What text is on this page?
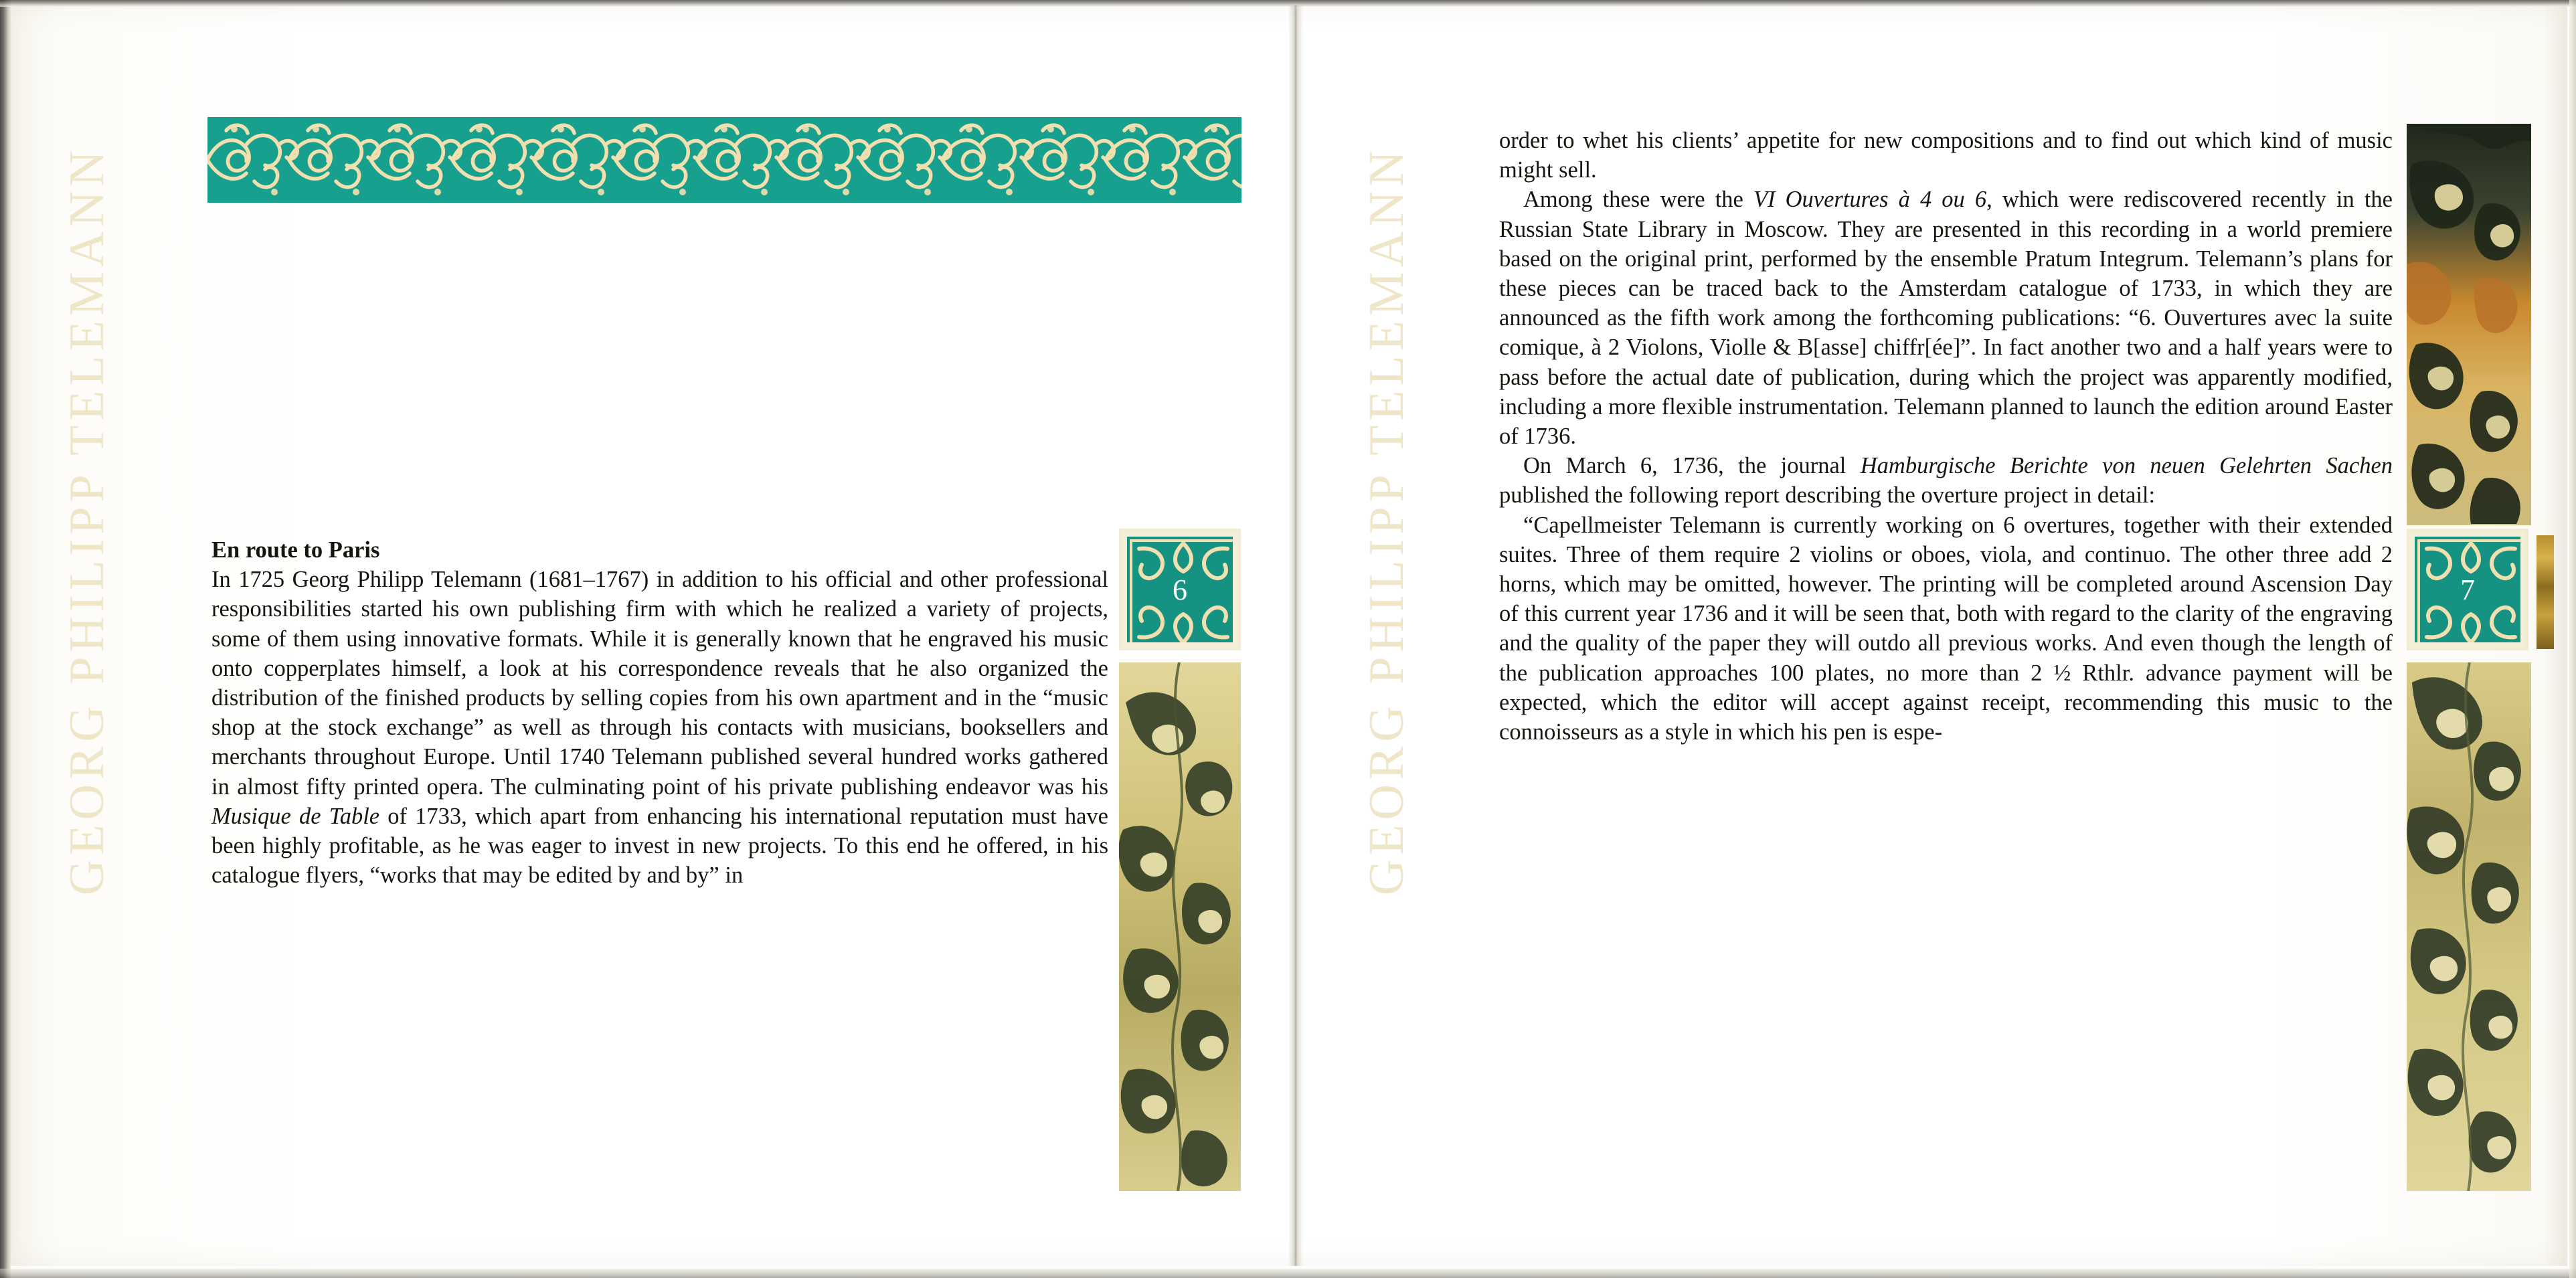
GEORG PHILIPP TELEMANN	GEORG PHILIPP TELEMANN

En route to Paris

In 1725 Georg Philipp Telemann (1681–1767) in addition to his official and other professional responsibilities started his own publishing firm with which he realized a variety of projects, some of them using innovative formats. While it is generally known that he engraved his music onto copperplates himself, a look at his correspondence reveals that he also organized the distribution of the finished products by selling copies from his own apartment and in the “music shop at the stock exchange” as well as through his contacts with musicians, booksellers and merchants throughout Europe. Until 1740 Telemann published several hundred works gathered in almost fifty printed opera. The culminating point of his private publishing endeavor was his Musique de Table of 1733, which apart from enhancing his international reputation must have been highly profitable, as he was eager to invest in new projects. To this end he offered, in his catalogue flyers, “works that may be edited by and by” in

order to whet his clients’ appetite for new compositions and to find out which kind of music might sell.

Among these were the VI Ouvertures à 4 ou 6, which were rediscovered recently in the Russian State Library in Moscow. They are presented in this recording in a world premiere based on the original print, performed by the ensemble Pratum Integrum. Telemann’s plans for these pieces can be traced back to the Amsterdam catalogue of 1733, in which they are announced as the fifth work among the forthcoming publications: “6. Ouvertures avec la suite comique, à 2 Violons, Violle & B[asse] chiffr[ée]”. In fact another two and a half years were to pass before the actual date of publication, during which the project was apparently modified, including a more flexible instrumentation. Telemann planned to launch the edition around Easter of 1736.

On March 6, 1736, the journal Hamburgische Berichte von neuen Gelehrten Sachen published the following report describing the overture project in detail:

“Capellmeister Telemann is currently working on 6 overtures, together with their extended suites. Three of them require 2 violins or oboes, viola, and continuo. The other three add 2 horns, which may be omitted, however. The printing will be completed around Ascension Day of this current year 1736 and it will be seen that, both with regard to the clarity of the engraving and the quality of the paper they will outdo all previous works. And even though the length of the publication approaches 100 plates, no more than 2 ½ Rthlr. advance payment will be expected, which the editor will accept against receipt, recommending this music to the connoisseurs as a style in which his pen is espe-

6	7
